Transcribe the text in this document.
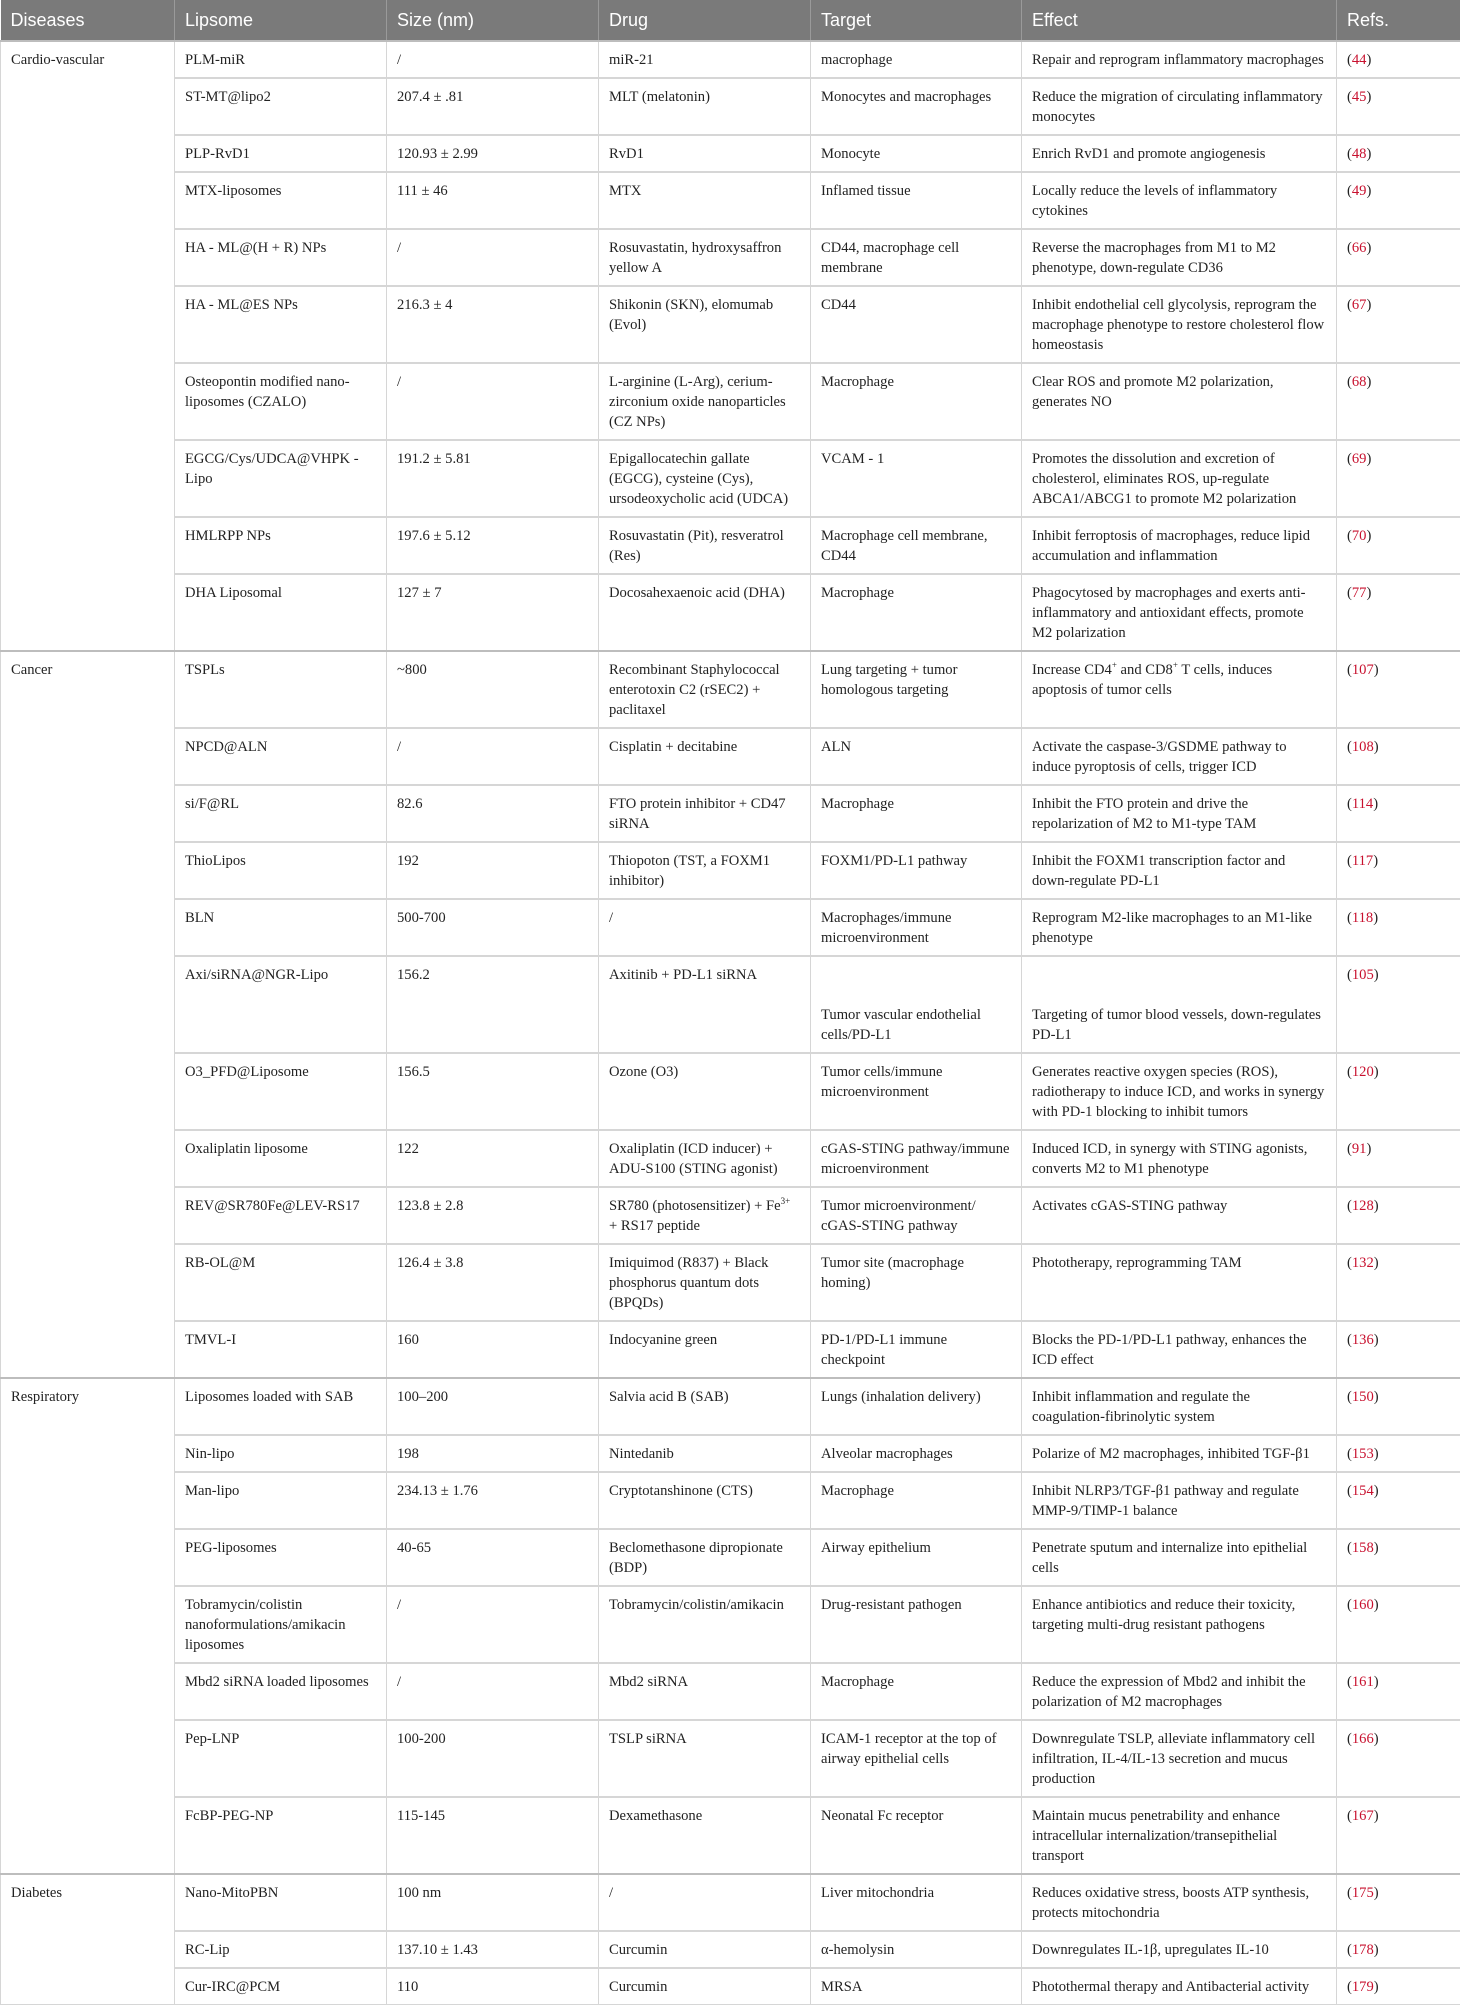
Diseases	Lipsome	Size (nm)	Drug	Target	Effect	Refs.
Cardio-vascular	PLM-miR	/	miR-21	macrophage	Repair and reprogram inflammatory macrophages	(44)
	ST-MT@lipo2	207.4 ± .81	MLT (melatonin)	Monocytes and macrophages	Reduce the migration of circulating inflammatory monocytes	(45)
	PLP-RvD1	120.93 ± 2.99	RvD1	Monocyte	Enrich RvD1 and promote angiogenesis	(48)
	MTX-liposomes	111 ± 46	MTX	Inflamed tissue	Locally reduce the levels of inflammatory cytokines	(49)
	HA - ML@(H + R) NPs	/	Rosuvastatin, hydroxysaffron yellow A	CD44, macrophage cell membrane	Reverse the macrophages from M1 to M2 phenotype, down-regulate CD36	(66)
	HA - ML@ES NPs	216.3 ± 4	Shikonin (SKN), elomumab (Evol)	CD44	Inhibit endothelial cell glycolysis, reprogram the macrophage phenotype to restore cholesterol flow homeostasis	(67)
	Osteopontin modified nano-liposomes (CZALO)	/	L-arginine (L-Arg), cerium-zirconium oxide nanoparticles (CZ NPs)	Macrophage	Clear ROS and promote M2 polarization, generates NO	(68)
	EGCG/Cys/UDCA@VHPK -Lipo	191.2 ± 5.81	Epigallocatechin gallate (EGCG), cysteine (Cys), ursodeoxycholic acid (UDCA)	VCAM - 1	Promotes the dissolution and excretion of cholesterol, eliminates ROS, up-regulate ABCA1/ABCG1 to promote M2 polarization	(69)
	HMLRPP NPs	197.6 ± 5.12	Rosuvastatin (Pit), resveratrol (Res)	Macrophage cell membrane, CD44	Inhibit ferroptosis of macrophages, reduce lipid accumulation and inflammation	(70)
	DHA Liposomal	127 ± 7	Docosahexaenoic acid (DHA)	Macrophage	Phagocytosed by macrophages and exerts anti-inflammatory and antioxidant effects, promote M2 polarization	(77)
Cancer	TSPLs	~800	Recombinant Staphylococcal enterotoxin C2 (rSEC2) + paclitaxel	Lung targeting + tumor homologous targeting	Increase CD4+ and CD8+ T cells, induces apoptosis of tumor cells	(107)
	NPCD@ALN	/	Cisplatin + decitabine	ALN	Activate the caspase-3/GSDME pathway to induce pyroptosis of cells, trigger ICD	(108)
	si/F@RL	82.6	FTO protein inhibitor + CD47 siRNA	Macrophage	Inhibit the FTO protein and drive the repolarization of M2 to M1-type TAM	(114)
	ThioLipos	192	Thiopoton (TST, a FOXM1 inhibitor)	FOXM1/PD-L1 pathway	Inhibit the FOXM1 transcription factor and down-regulate PD-L1	(117)
	BLN	500-700	/	Macrophages/immune microenvironment	Reprogram M2-like macrophages to an M1-like phenotype	(118)
	Axi/siRNA@NGR-Lipo	156.2	Axitinib + PD-L1 siRNA	Tumor vascular endothelial cells/PD-L1	Targeting of tumor blood vessels, down-regulates PD-L1	(105)
	O3_PFD@Liposome	156.5	Ozone (O3)	Tumor cells/immune microenvironment	Generates reactive oxygen species (ROS), radiotherapy to induce ICD, and works in synergy with PD-1 blocking to inhibit tumors	(120)
	Oxaliplatin liposome	122	Oxaliplatin (ICD inducer) + ADU-S100 (STING agonist)	cGAS-STING pathway/immune microenvironment	Induced ICD, in synergy with STING agonists, converts M2 to M1 phenotype	(91)
	REV@SR780Fe@LEV-RS17	123.8 ± 2.8	SR780 (photosensitizer) + $Fe^{3+} + RS17$ peptide	Tumor microenvironment/ cGAS-STING pathway	Activates cGAS-STING pathway	(128)
	RB-OL@M	126.4 ± 3.8	Imiquimod (R837) + Black phosphorus quantum dots (BPQDs)	Tumor site (macrophage homing)	Phototherapy, reprogramming TAM	(132)
	TMVL-I	160	Indocyanine green	PD-1/PD-L1 immune checkpoint	Blocks the PD-1/PD-L1 pathway, enhances the ICD effect	(136)
Respiratory	Liposomes loaded with SAB	100–200	Salvia acid B (SAB)	Lungs (inhalation delivery)	Inhibit inflammation and regulate the coagulation-fibrinolytic system	(150)
	Nin-lipo	198	Nintedanib	Alveolar macrophages	Polarize of M2 macrophages, inhibited TGF-β1	(153)
	Man-lipo	234.13 ± 1.76	Cryptotanshinone (CTS)	Macrophage	Inhibit NLRP3/TGF-β1 pathway and regulate MMP-9/TIMP-1 balance	(154)
	PEG-liposomes	40-65	Beclomethasone dipropionate (BDP)	Airway epithelium	Penetrate sputum and internalize into epithelial cells	(158)
	Tobramycin/colistin nanoformulations/amikacin liposomes	/	Tobramycin/colistin/amikacin	Drug-resistant pathogen	Enhance antibiotics and reduce their toxicity, targeting multi-drug resistant pathogens	(160)
	Mbd2 siRNA loaded liposomes	/	Mbd2 siRNA	Macrophage	Reduce the expression of Mbd2 and inhibit the polarization of M2 macrophages	(161)
	Pep-LNP	100-200	TSLP siRNA	ICAM-1 receptor at the top of airway epithelial cells	Downregulate TSLP, alleviate inflammatory cell infiltration, IL-4/IL-13 secretion and mucus production	(166)
	FcBP-PEG-NP	115-145	Dexamethasone	Neonatal Fc receptor	Maintain mucus penetrability and enhance intracellular internalization/transepithelial transport	(167)
Diabetes	Nano-MitoPBN	100 nm	/	Liver mitochondria	Reduces oxidative stress, boosts ATP synthesis, protects mitochondria	(175)
	RC-Lip	137.10 ± 1.43	Curcumin	α-hemolysin	Downregulates IL-1β, upregulates IL-10	(178)
	Cur-IRC@PCM	110	Curcumin	MRSA	Photothermal therapy and Antibacterial activity	(179)
